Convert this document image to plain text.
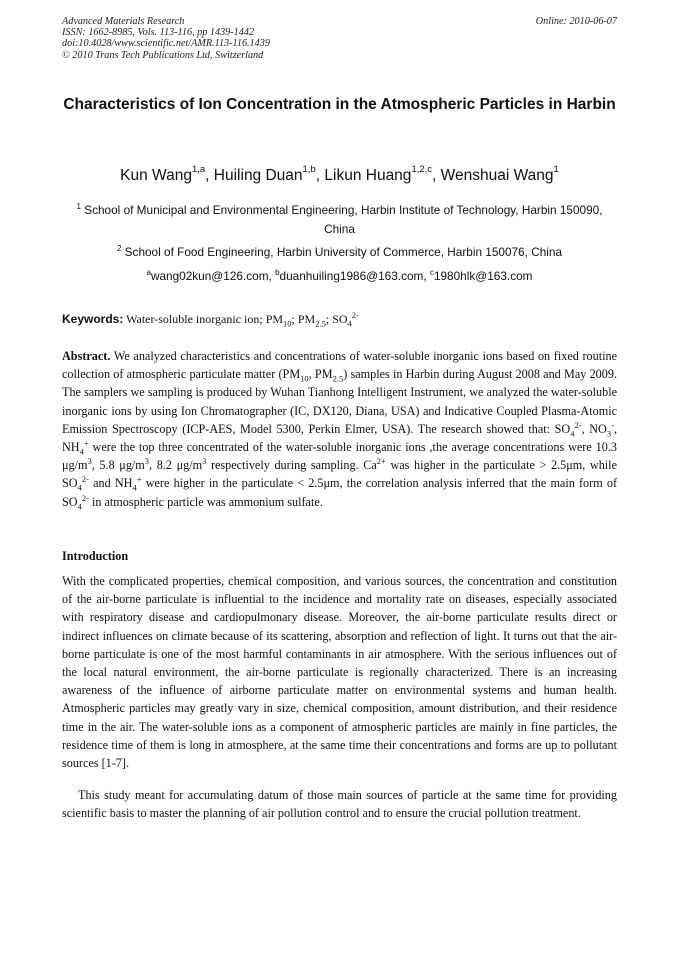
Advanced Materials Research
ISSN: 1662-8985, Vols. 113-116, pp 1439-1442
doi:10.4028/www.scientific.net/AMR.113-116.1439
© 2010 Trans Tech Publications Ltd, Switzerland
Online: 2010-06-07
Characteristics of Ion Concentration in the Atmospheric Particles in Harbin
Kun Wang$^{1,a}$, Huiling Duan$^{1,b}$, Likun Huang$^{1,2,c}$, Wenshuai Wang$^1$
$^1$ School of Municipal and Environmental Engineering, Harbin Institute of Technology, Harbin 150090, China
$^2$ School of Food Engineering, Harbin University of Commerce, Harbin 150076, China
$^a$wang02kun@126.com, $^b$duanhuiling1986@163.com, $^c$1980hlk@163.com
Keywords: Water-soluble inorganic ion; $PM_{10}$; $PM_{2.5}$; $SO_4^{2-}$
Abstract. We analyzed characteristics and concentrations of water-soluble inorganic ions based on fixed routine collection of atmospheric particulate matter ($PM_{10}$, $PM_{2.5}$) samples in Harbin during August 2008 and May 2009. The samplers we sampling is produced by Wuhan Tianhong Intelligent Instrument, we analyzed the water-soluble inorganic ions by using Ion Chromatographer (IC, DX120, Diana, USA) and Indicative Coupled Plasma-Atomic Emission Spectroscopy (ICP-AES, Model 5300, Perkin Elmer, USA). The research showed that: $SO_4^{2-}$, $NO_3^-$, $NH_4^+$ were the top three concentrated of the water-soluble inorganic ions ,the average concentrations were 10.3 $\mu g/m^3$, 5.8 $\mu g/m^3$, 8.2 $\mu g/m^3$ respectively during sampling. $Ca^{2+}$ was higher in the particulate > 2.5μm, while $SO_4^{2-}$ and $NH_4^+$ were higher in the particulate < 2.5μm, the correlation analysis inferred that the main form of $SO_4^{2-}$ in atmospheric particle was ammonium sulfate.
Introduction
With the complicated properties, chemical composition, and various sources, the concentration and constitution of the air-borne particulate is influential to the incidence and mortality rate on diseases, especially associated with respiratory disease and cardiopulmonary disease. Moreover, the air-borne particulate results direct or indirect influences on climate because of its scattering, absorption and reflection of light. It turns out that the air-borne particulate is one of the most harmful contaminants in air atmosphere. With the serious influences out of the local natural environment, the air-borne particulate is regionally characterized. There is an increasing awareness of the influence of airborne particulate matter on environmental systems and human health. Atmospheric particles may greatly vary in size, chemical composition, amount distribution, and their residence time in the air. The water-soluble ions as a component of atmospheric particles are mainly in fine particles, the residence time of them is long in atmosphere, at the same time their concentrations and forms are up to pollutant sources [1-7].
This study meant for accumulating datum of those main sources of particle at the same time for providing scientific basis to master the planning of air pollution control and to ensure the crucial pollution treatment.
